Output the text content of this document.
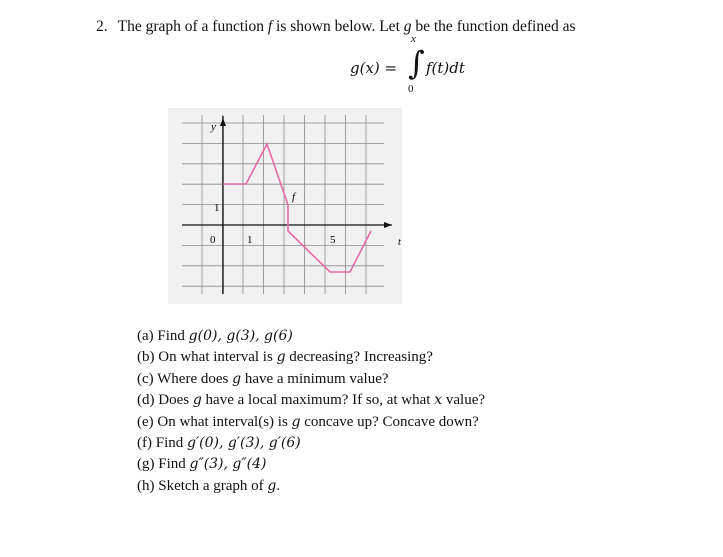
2. The graph of a function f is shown below. Let g be the function defined as
g(x) =
x
∫
0
f(t)dt
y
t
f
0	1	5
1
(a) Find g(0), g(3), g(6)
(b) On what interval is g decreasing? Increasing?
(c) Where does g have a minimum value?
(d) Does g have a local maximum? If so, at what x value?
(e) On what interval(s) is g concave up? Concave down?
(f) Find g′(0), g′(3), g′(6)
(g) Find g″(3), g″(4)
(h) Sketch a graph of g.
